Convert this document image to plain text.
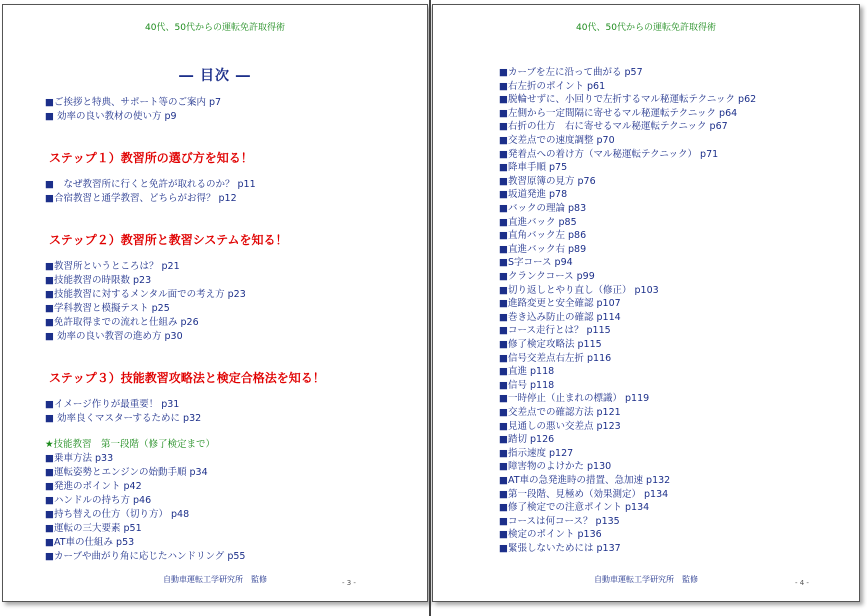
40代、50代からの運転免許取得術
― 目次 ―
■ご挨拶と特典、サポート等のご案内 p7
■ 効率の良い教材の使い方 p9
ステップ１）教習所の選び方を知る！
■　なぜ教習所に行くと免許が取れるのか？ p11
■合宿教習と通学教習、どちらがお得？ p12
ステップ２）教習所と教習システムを知る！
■教習所というところは？ p21
■技能教習の時限数 p23
■技能教習に対するメンタル面での考え方 p23
■学科教習と模擬テスト p25
■免許取得までの流れと仕組み p26
■ 効率の良い教習の進め方 p30
ステップ３）技能教習攻略法と検定合格法を知る！
■イメージ作りが最重要！ p31
■ 効率良くマスターするために p32
★技能教習　第一段階（修了検定まで）
■乗車方法 p33
■運転姿勢とエンジンの始動手順 p34
■発進のポイント p42
■ハンドルの持ち方 p46
■持ち替えの仕方（切り方） p48
■運転の三大要素 p51
■AT車の仕組み p53
■カーブや曲がり角に応じたハンドリング p55
自動車運転工学研究所　監修	- 3 -
40代、50代からの運転免許取得術
■カーブを左に沿って曲がる p57
■右左折のポイント p61
■脱輪せずに、小回りで左折するマル秘運転テクニック p62
■左側から一定間隔に寄せるマル秘運転テクニック p64
■右折の仕方　右に寄せるマル秘運転テクニック p67
■交差点での速度調整 p70
■発着点への着け方（マル秘運転テクニック） p71
■降車手順 p75
■教習原簿の見方 p76
■坂道発進 p78
■バックの理論 p83
■直進バック p85
■直角バック左 p86
■直進バック右 p89
■S字コース p94
■クランクコース p99
■切り返しとやり直し（修正） p103
■進路変更と安全確認 p107
■巻き込み防止の確認 p114
■コース走行とは？ p115
■修了検定攻略法 p115
■信号交差点右左折 p116
■直進 p118
■信号 p118
■一時停止（止まれの標識） p119
■交差点での確認方法 p121
■見通しの悪い交差点 p123
■踏切 p126
■指示速度 p127
■障害物のよけかた p130
■AT車の急発進時の措置、急加速 p132
■第一段階、見極め（効果測定） p134
■修了検定での注意ポイント p134
■コースは何コース？ p135
■検定のポイント p136
■緊張しないためには p137
自動車運転工学研究所　監修	- 4 -
